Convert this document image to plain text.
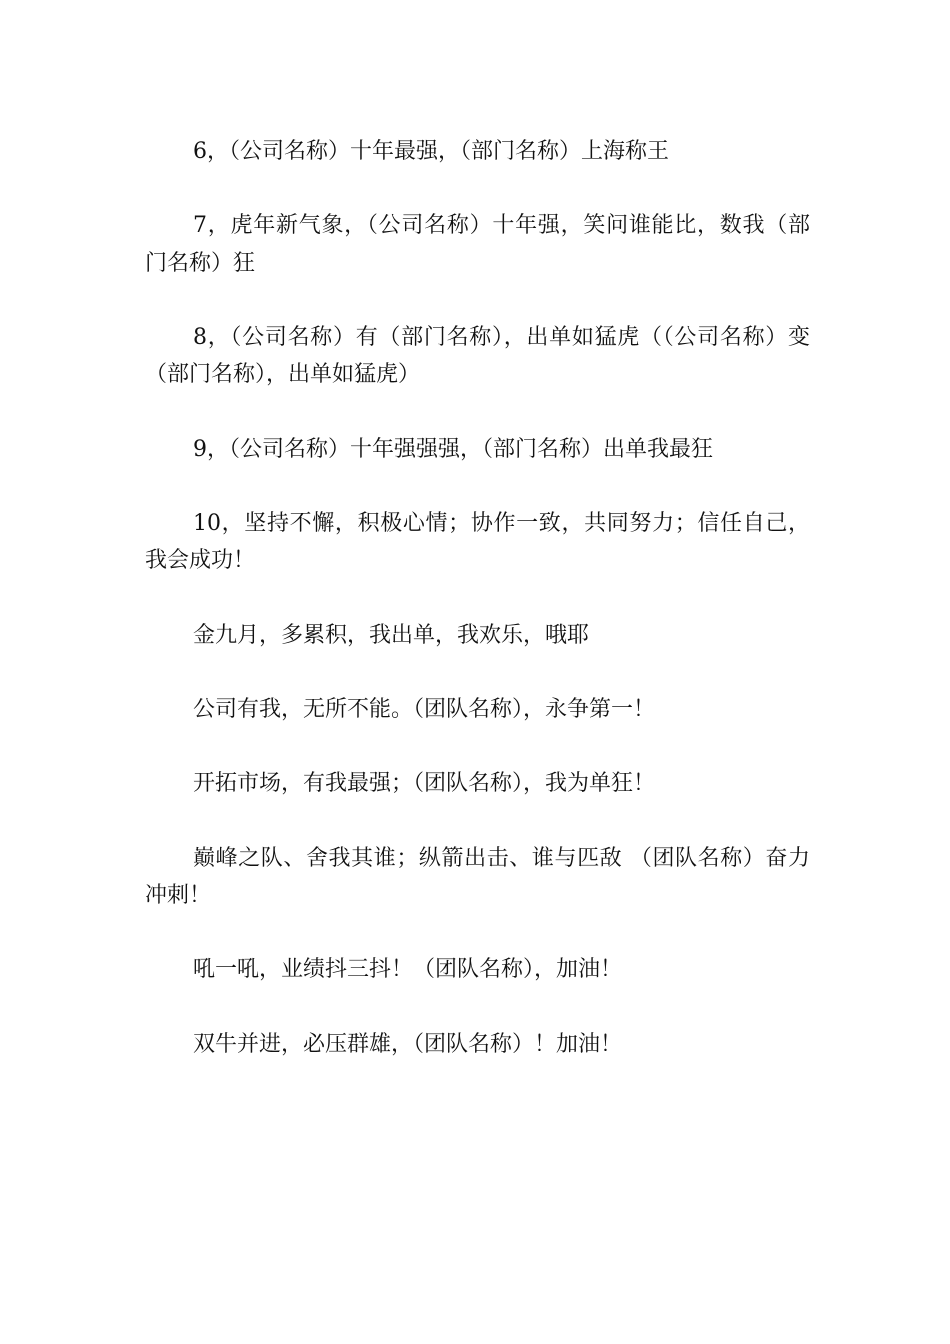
6，（公司名称）十年最强，（部门名称）上海称王

7，虎年新气象，（公司名称）十年强，笑问谁能比，数我（部门名称）狂

8，（公司名称）有（部门名称），出单如猛虎（（公司名称）变（部门名称），出单如猛虎）

9，（公司名称）十年强强强，（部门名称）出单我最狂

10，坚持不懈，积极心情；协作一致，共同努力；信任自己，我会成功！

金九月，多累积，我出单，我欢乐，哦耶

公司有我，无所不能。（团队名称），永争第一！

开拓市场，有我最强；（团队名称），我为单狂！

巅峰之队、舍我其谁；纵箭出击、谁与匹敌 （团队名称）奋力冲刺！

吼一吼，业绩抖三抖！（团队名称），加油！

双牛并进，必压群雄，（团队名称）！加油！
